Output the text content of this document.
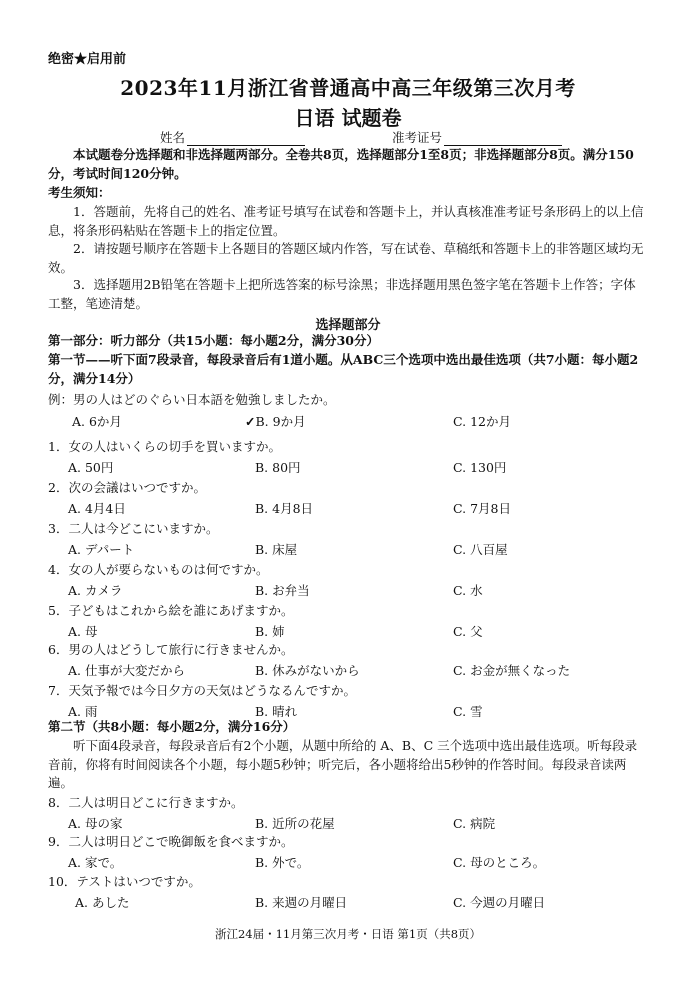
绝密★启用前
2023年11月浙江省普通高中高三年级第三次月考
日语 试题卷
姓名	准考证号
本试题卷分选择题和非选择题两部分。全卷共8页，选择题部分1至8页；非选择题部分8页。满分150分，考试时间120分钟。
考生须知：
1．答题前，先将自己的姓名、准考证号填写在试卷和答题卡上，并认真核准准考证号条形码上的以上信息，将条形码粘贴在答题卡上的指定位置。
2．请按题号顺序在答题卡上各题目的答题区域内作答，写在试卷、草稿纸和答题卡上的非答题区域均无效。
3．选择题用2B铅笔在答题卡上把所选答案的标号涂黑；非选择题用黑色签字笔在答题卡上作答；字体工整，笔迹清楚。
选择题部分
第一部分：听力部分（共15小题：每小题2分，满分30分）
第一节——听下面7段录音，每段录音后有1道小题。从ABC三个选项中选出最佳选项（共7小题：每小题2分，满分14分）
例：男の人はどのぐらい日本語を勉強しましたか。
A. 6か月	✓B. 9か月	C. 12か月
1．女の人はいくらの切手を買いますか。
A. 50円	B. 80円	C. 130円
2．次の会議はいつですか。
A. 4月4日	B. 4月8日	C. 7月8日
3．二人は今どこにいますか。
A. デパート	B. 床屋	C. 八百屋
4．女の人が要らないものは何ですか。
A. カメラ	B. お弁当	C. 水
5．子どもはこれから絵を誰にあげますか。
A. 母	B. 姉	C. 父
6．男の人はどうして旅行に行きませんか。
A. 仕事が大変だから	B. 休みがないから	C. お金が無くなった
7．天気予報では今日夕方の天気はどうなるんですか。
A. 雨	B. 晴れ	C. 雪
第二节（共8小题：每小题2分，满分16分）
听下面4段录音，每段录音后有2个小题，从题中所给的 A、B、C 三个选项中选出最佳选项。听每段录音前，你将有时间阅读各个小题，每小题5秒钟；听完后，各小题将给出5秒钟的作答时间。每段录音读两遍。
8．二人は明日どこに行きますか。
A. 母の家	B. 近所の花屋	C. 病院
9．二人は明日どこで晩御飯を食べますか。
A. 家で。	B. 外で。	C. 母のところ。
10．テストはいつですか。
A. あした	B. 来週の月曜日	C. 今週の月曜日
浙江24届・11月第三次月考・日语 第1页（共8页）
